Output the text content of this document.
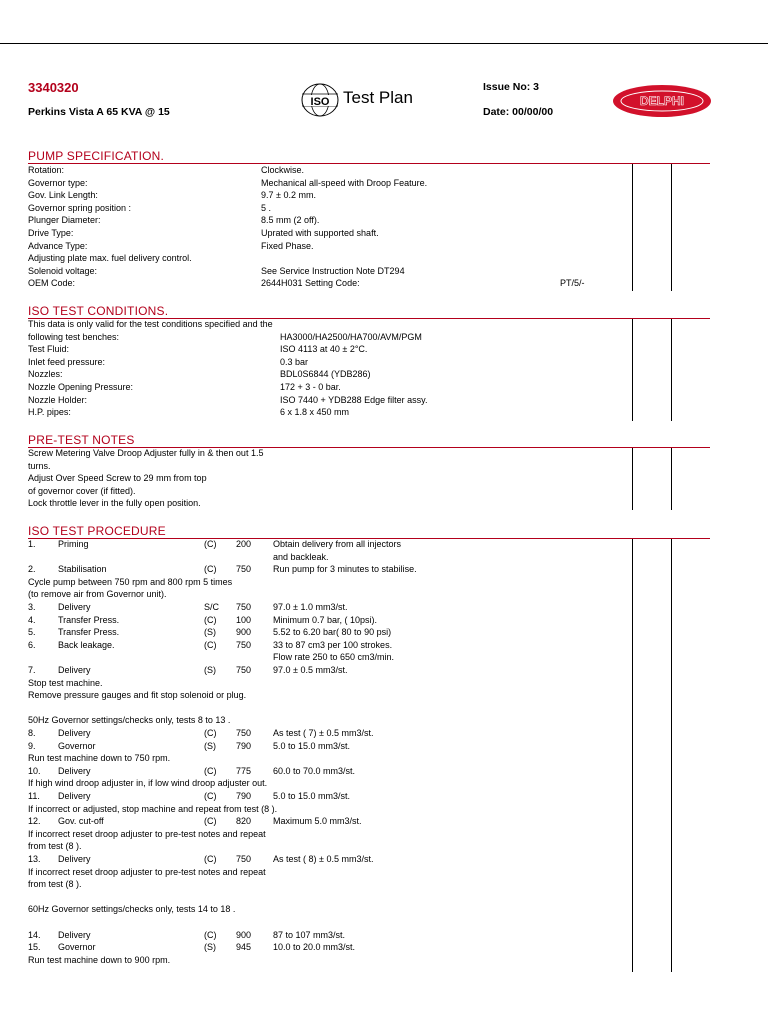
3340320
Perkins Vista A 65 KVA @ 15
ISO Test Plan
Issue No: 3
Date: 00/00/00
DELPHI
PUMP SPECIFICATION.
Rotation:	Clockwise.
Governor type:	Mechanical all-speed with Droop Feature.
Gov. Link Length:	9.7 ± 0.2 mm.
Governor spring position :	5 .
Plunger Diameter:	8.5 mm (2 off).
Drive Type:	Uprated with supported shaft.
Advance Type:	Fixed Phase.
Adjusting plate max. fuel delivery control.
Solenoid voltage:	See Service Instruction Note DT294
OEM Code:	2644H031 Setting Code:	PT/5/-
ISO TEST CONDITIONS.
This data is only valid for the test conditions specified and the
following test benches:	HA3000/HA2500/HA700/AVM/PGM
Test Fluid:	ISO 4113 at 40 ± 2°C.
Inlet feed pressure:	0.3 bar
Nozzles:	BDL0S6844 (YDB286)
Nozzle Opening Pressure:	172 + 3 - 0 bar.
Nozzle Holder:	ISO 7440 + YDB288 Edge filter assy.
H.P. pipes:	6 x 1.8 x 450 mm
PRE-TEST NOTES
Screw Metering Valve Droop Adjuster fully in & then out 1.5
turns.
Adjust Over Speed Screw to 29 mm from top
of governor cover (if fitted).
Lock throttle lever in the fully open position.
ISO TEST PROCEDURE
1. Priming	(C) 200 Obtain delivery from all injectors
and backleak.
2. Stabilisation	(C) 750 Run pump for 3 minutes to stabilise.
Cycle pump between 750 rpm and 800 rpm 5 times
(to remove air from Governor unit).
3. Delivery	S/C 750 97.0 ± 1.0 mm3/st.
4. Transfer Press.	(C) 100 Minimum 0.7 bar, ( 10psi).
5. Transfer Press.	(S) 900 5.52 to 6.20 bar( 80 to 90 psi)
6. Back leakage.	(C) 750 33 to 87 cm3 per 100 strokes.
Flow rate 250 to 650 cm3/min.
7. Delivery	(S) 750 97.0 ± 0.5 mm3/st.
Stop test machine.
Remove pressure gauges and fit stop solenoid or plug.
50Hz Governor settings/checks only, tests 8 to 13 .
8. Delivery	(C) 750 As test ( 7) ± 0.5 mm3/st.
9. Governor	(S) 790 5.0 to 15.0 mm3/st.
Run test machine down to 750 rpm.
10. Delivery	(C) 775 60.0 to 70.0 mm3/st.
If high wind droop adjuster in, if low wind droop adjuster out.
11. Delivery	(C) 790 5.0 to 15.0 mm3/st.
If incorrect or adjusted, stop machine and repeat from test (8 ).
12. Gov. cut-off	(C) 820 Maximum 5.0 mm3/st.
If incorrect reset droop adjuster to pre-test notes and repeat
from test (8 ).
13. Delivery	(C) 750 As test ( 8) ± 0.5 mm3/st.
If incorrect reset droop adjuster to pre-test notes and repeat
from test (8 ).
60Hz Governor settings/checks only, tests 14 to 18 .
14. Delivery	(C) 900 87 to 107 mm3/st.
15. Governor	(S) 945 10.0 to 20.0 mm3/st.
Run test machine down to 900 rpm.
